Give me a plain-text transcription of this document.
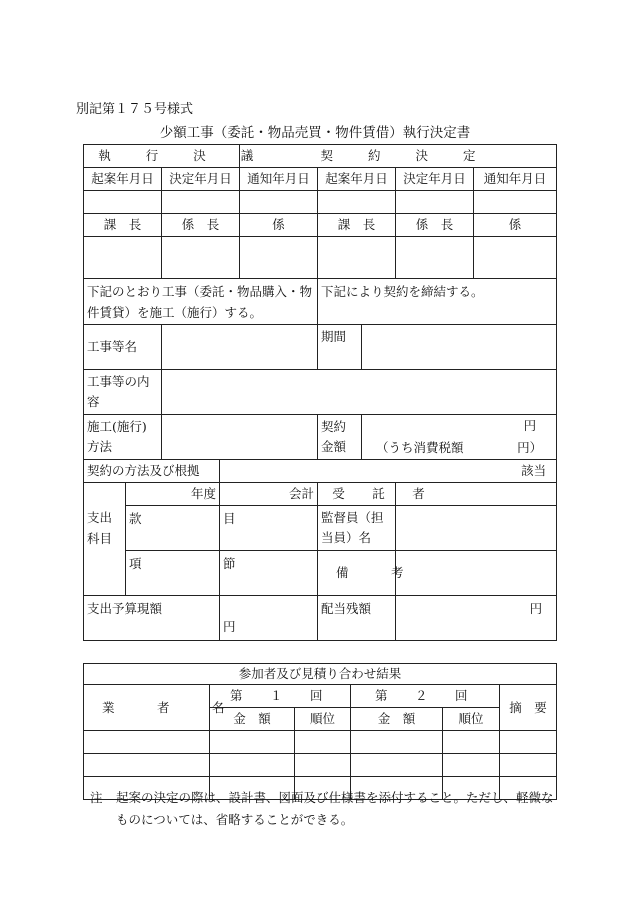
別記第１７５号様式
少額工事（委託・物品売買・物件賃借）執行決定書
執　行　決　議				契　約　決　定				
起案年月日		決定年月日		通知年月日	起案年月日		決定年月日	通知年月日

課　長		係　長		係	課　長		係　長	係

下記のとおり工事（委託・物品購入・物件賃貸）を施工（施行）する。					下記により契約を締結する。			
工事等名					期間			
工事等の内容								
施工(施行)方法					契約金額	円
（うち消費税額 円）		

契約の方法及び根拠			該当					
支出科目	年度		会計		受　託　者			
	款		目		監督員（担当員）名			
	項		節		備　考			
支出予算現額			円		配当残額		円	
参加者及び見積り合わせ結果					
業　者　名	第　１　回		第　２　回		摘　要
	金　額	順位	金　額	順位	

注 起案の決定の際は、設計書、図面及び仕様書を添付すること。ただし、軽微なものについては、省略することができる。
